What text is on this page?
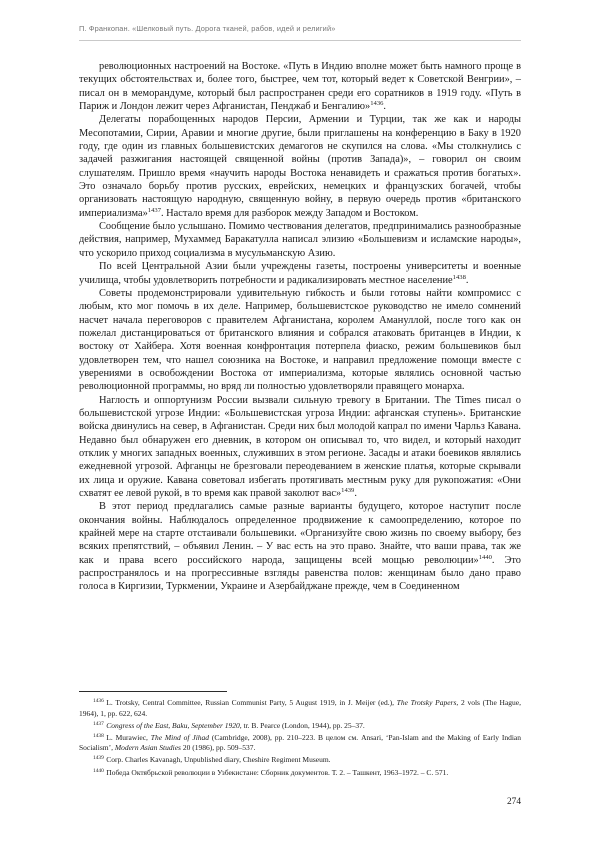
П. Франкопан. «Шелковый путь. Дорога тканей, рабов, идей и религий»

революционных настроений на Востоке. «Путь в Индию вполне может быть намного проще в текущих обстоятельствах и, более того, быстрее, чем тот, который ведет к Советской Венгрии», – писал он в меморандуме, который был распространен среди его соратников в 1919 году. «Путь в Париж и Лондон лежит через Афганистан, Пенджаб и Бенгалию»$^{1436}$.

Делегаты порабощенных народов Персии, Армении и Турции, так же как и народы Месопотамии, Сирии, Аравии и многие другие, были приглашены на конференцию в Баку в 1920 году, где один из главных большевистских демагогов не скупился на слова. «Мы столкнулись с задачей разжигания настоящей священной войны (против Запада)», – говорил он своим слушателям. Пришло время «научить народы Востока ненавидеть и сражаться против богатых». Это означало борьбу против русских, еврейских, немецких и французских богачей, чтобы организовать настоящую народную, священную войну, в первую очередь против «британского империализма»$^{1437}$. Настало время для разборок между Западом и Востоком.

Сообщение было услышано. Помимо чествования делегатов, предпринимались разнообразные действия, например, Мухаммед Баракатулла написал элизию «Большевизм и исламские народы», что ускорило приход социализма в мусульманскую Азию.

По всей Центральной Азии были учреждены газеты, построены университеты и военные училища, чтобы удовлетворить потребности и радикализировать местное население$^{1438}$.

Советы продемонстрировали удивительную гибкость и были готовы найти компромисс с любым, кто мог помочь в их деле. Например, большевистское руководство не имело сомнений насчет начала переговоров с правителем Афганистана, королем Амануллой, после того как он пожелал дистанцироваться от британского влияния и собрался атаковать британцев в Индии, к востоку от Хайбера. Хотя военная конфронтация потерпела фиаско, режим большевиков был удовлетворен тем, что нашел союзника на Востоке, и направил предложение помощи вместе с уверениями в освобождении Востока от империализма, которые являлись основной частью революционной программы, но вряд ли полностью удовлетворяли правящего монарха.

Наглость и оппортунизм России вызвали сильную тревогу в Британии. The Times писал о большевистской угрозе Индии: «Большевистская угроза Индии: афганская ступень». Британские войска двинулись на север, в Афганистан. Среди них был молодой капрал по имени Чарльз Кавана. Недавно был обнаружен его дневник, в котором он описывал то, что видел, и который находит отклик у многих западных военных, служивших в этом регионе. Засады и атаки боевиков являлись ежедневной угрозой. Афганцы не брезговали переодеванием в женские платья, которые скрывали их лица и оружие. Кавана советовал избегать протягивать местным руку для рукопожатия: «Они схватят ее левой рукой, в то время как правой заколют вас»$^{1439}$.

В этот период предлагались самые разные варианты будущего, которое наступит после окончания войны. Наблюдалось определенное продвижение к самоопределению, которое по крайней мере на старте отстаивали большевики. «Организуйте свою жизнь по своему выбору, без всяких препятствий, – объявил Ленин. – У вас есть на это право. Знайте, что ваши права, так же как и права всего российского народа, защищены всей мощью революции»$^{1440}$. Это распространялось и на прогрессивные взгляды равенства полов: женщинам было дано право голоса в Киргизии, Туркмении, Украине и Азербайджане прежде, чем в Соединенном

$^{1436}$ L. Trotsky, Central Committee, Russian Communist Party, 5 August 1919, in J. Meijer (ed.), The Trotsky Papers, 2 vols (The Hague, 1964), 1, pp. 622, 624.

$^{1437}$ Congress of the East, Baku, September 1920, tr. B. Pearce (London, 1944), pp. 25–37.

$^{1438}$ L. Murawiec, The Mind of Jihad (Cambridge, 2008), pp. 210–223. В целом см. Ansari, ‘Pan-Islam and the Making of Early Indian Socialism’, Modern Asian Studies 20 (1986), pp. 509–537.

$^{1439}$ Corp. Charles Kavanagh, Unpublished diary, Cheshire Regiment Museum.

$^{1440}$ Победа Октябрьской революции в Узбекистане: Сборник документов. Т. 2. – Ташкент, 1963–1972. – С. 571.

274
